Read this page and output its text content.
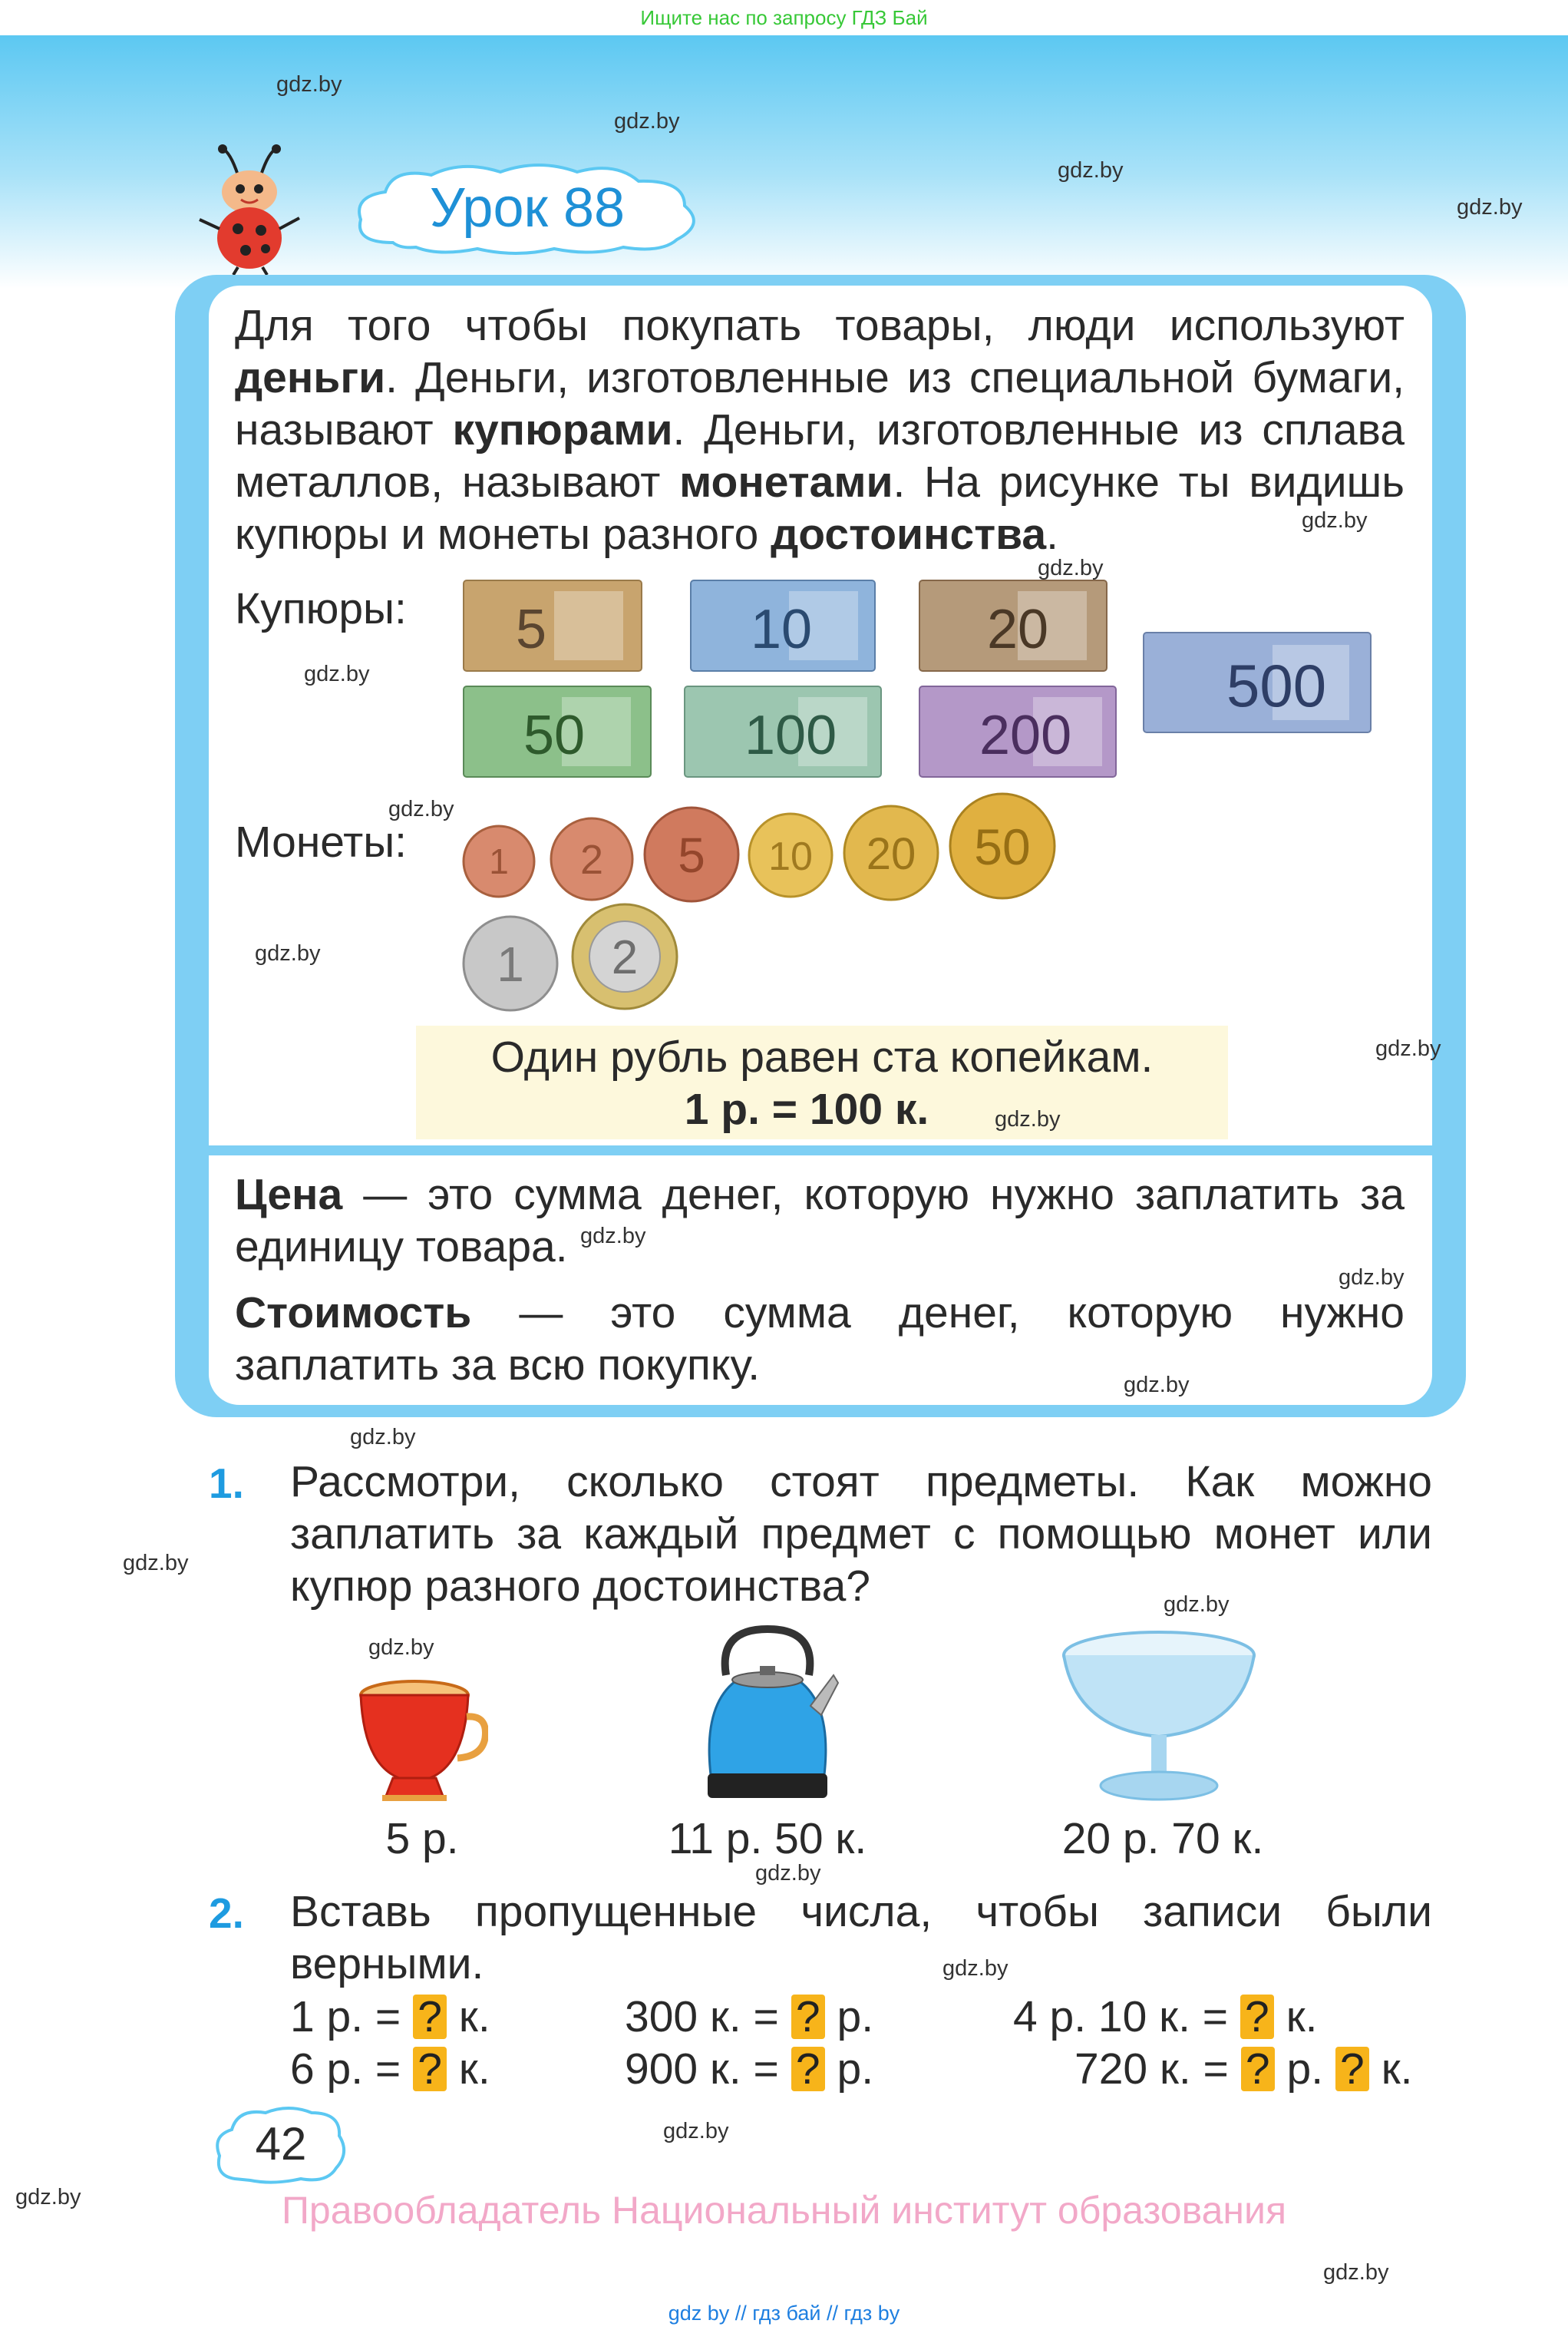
Ищите нас по запросу ГДЗ Бай
Урок 88
Для того чтобы покупать товары, люди используют деньги. Деньги, изготовленные из специальной бумаги, называют купюрами. Деньги, изготовленные из сплава металлов, называют монетами. На рисунке ты видишь купюры и монеты разного достоинства.
Купюры:
Монеты:
5	10	20
50	100	200
500
1 2 5 10 20 50
1 2
Один рубль равен ста копейкам.
1 р. = 100 к.
Цена — это сумма денег, которую нужно заплатить за единицу товара.
Стоимость — это сумма денег, которую нужно заплатить за всю покупку.
1. Рассмотри, сколько стоят предметы. Как можно заплатить за каждый предмет с помощью монет или купюр разного достоинства?
5 р.	11 р. 50 к.	20 р. 70 к.
2. Вставь пропущенные числа, чтобы записи были верными.
1 р. = ? к.	300 к. = ? р.	4 р. 10 к. = ? к.
6 р. = ? к.	900 к. = ? р.	720 к. = ? р. ? к.
42
Правообладатель Национальный институт образования
gdz by // гдз бай // гдз by
gdz.by
gdz.by
gdz.by
gdz.by
gdz.by
gdz.by
gdz.by
gdz.by
gdz.by
gdz.by
gdz.by
gdz.by
gdz.by
gdz.by
gdz.by
gdz.by
gdz.by
gdz.by
gdz.by
gdz.by
gdz.by
gdz.by
gdz.by
